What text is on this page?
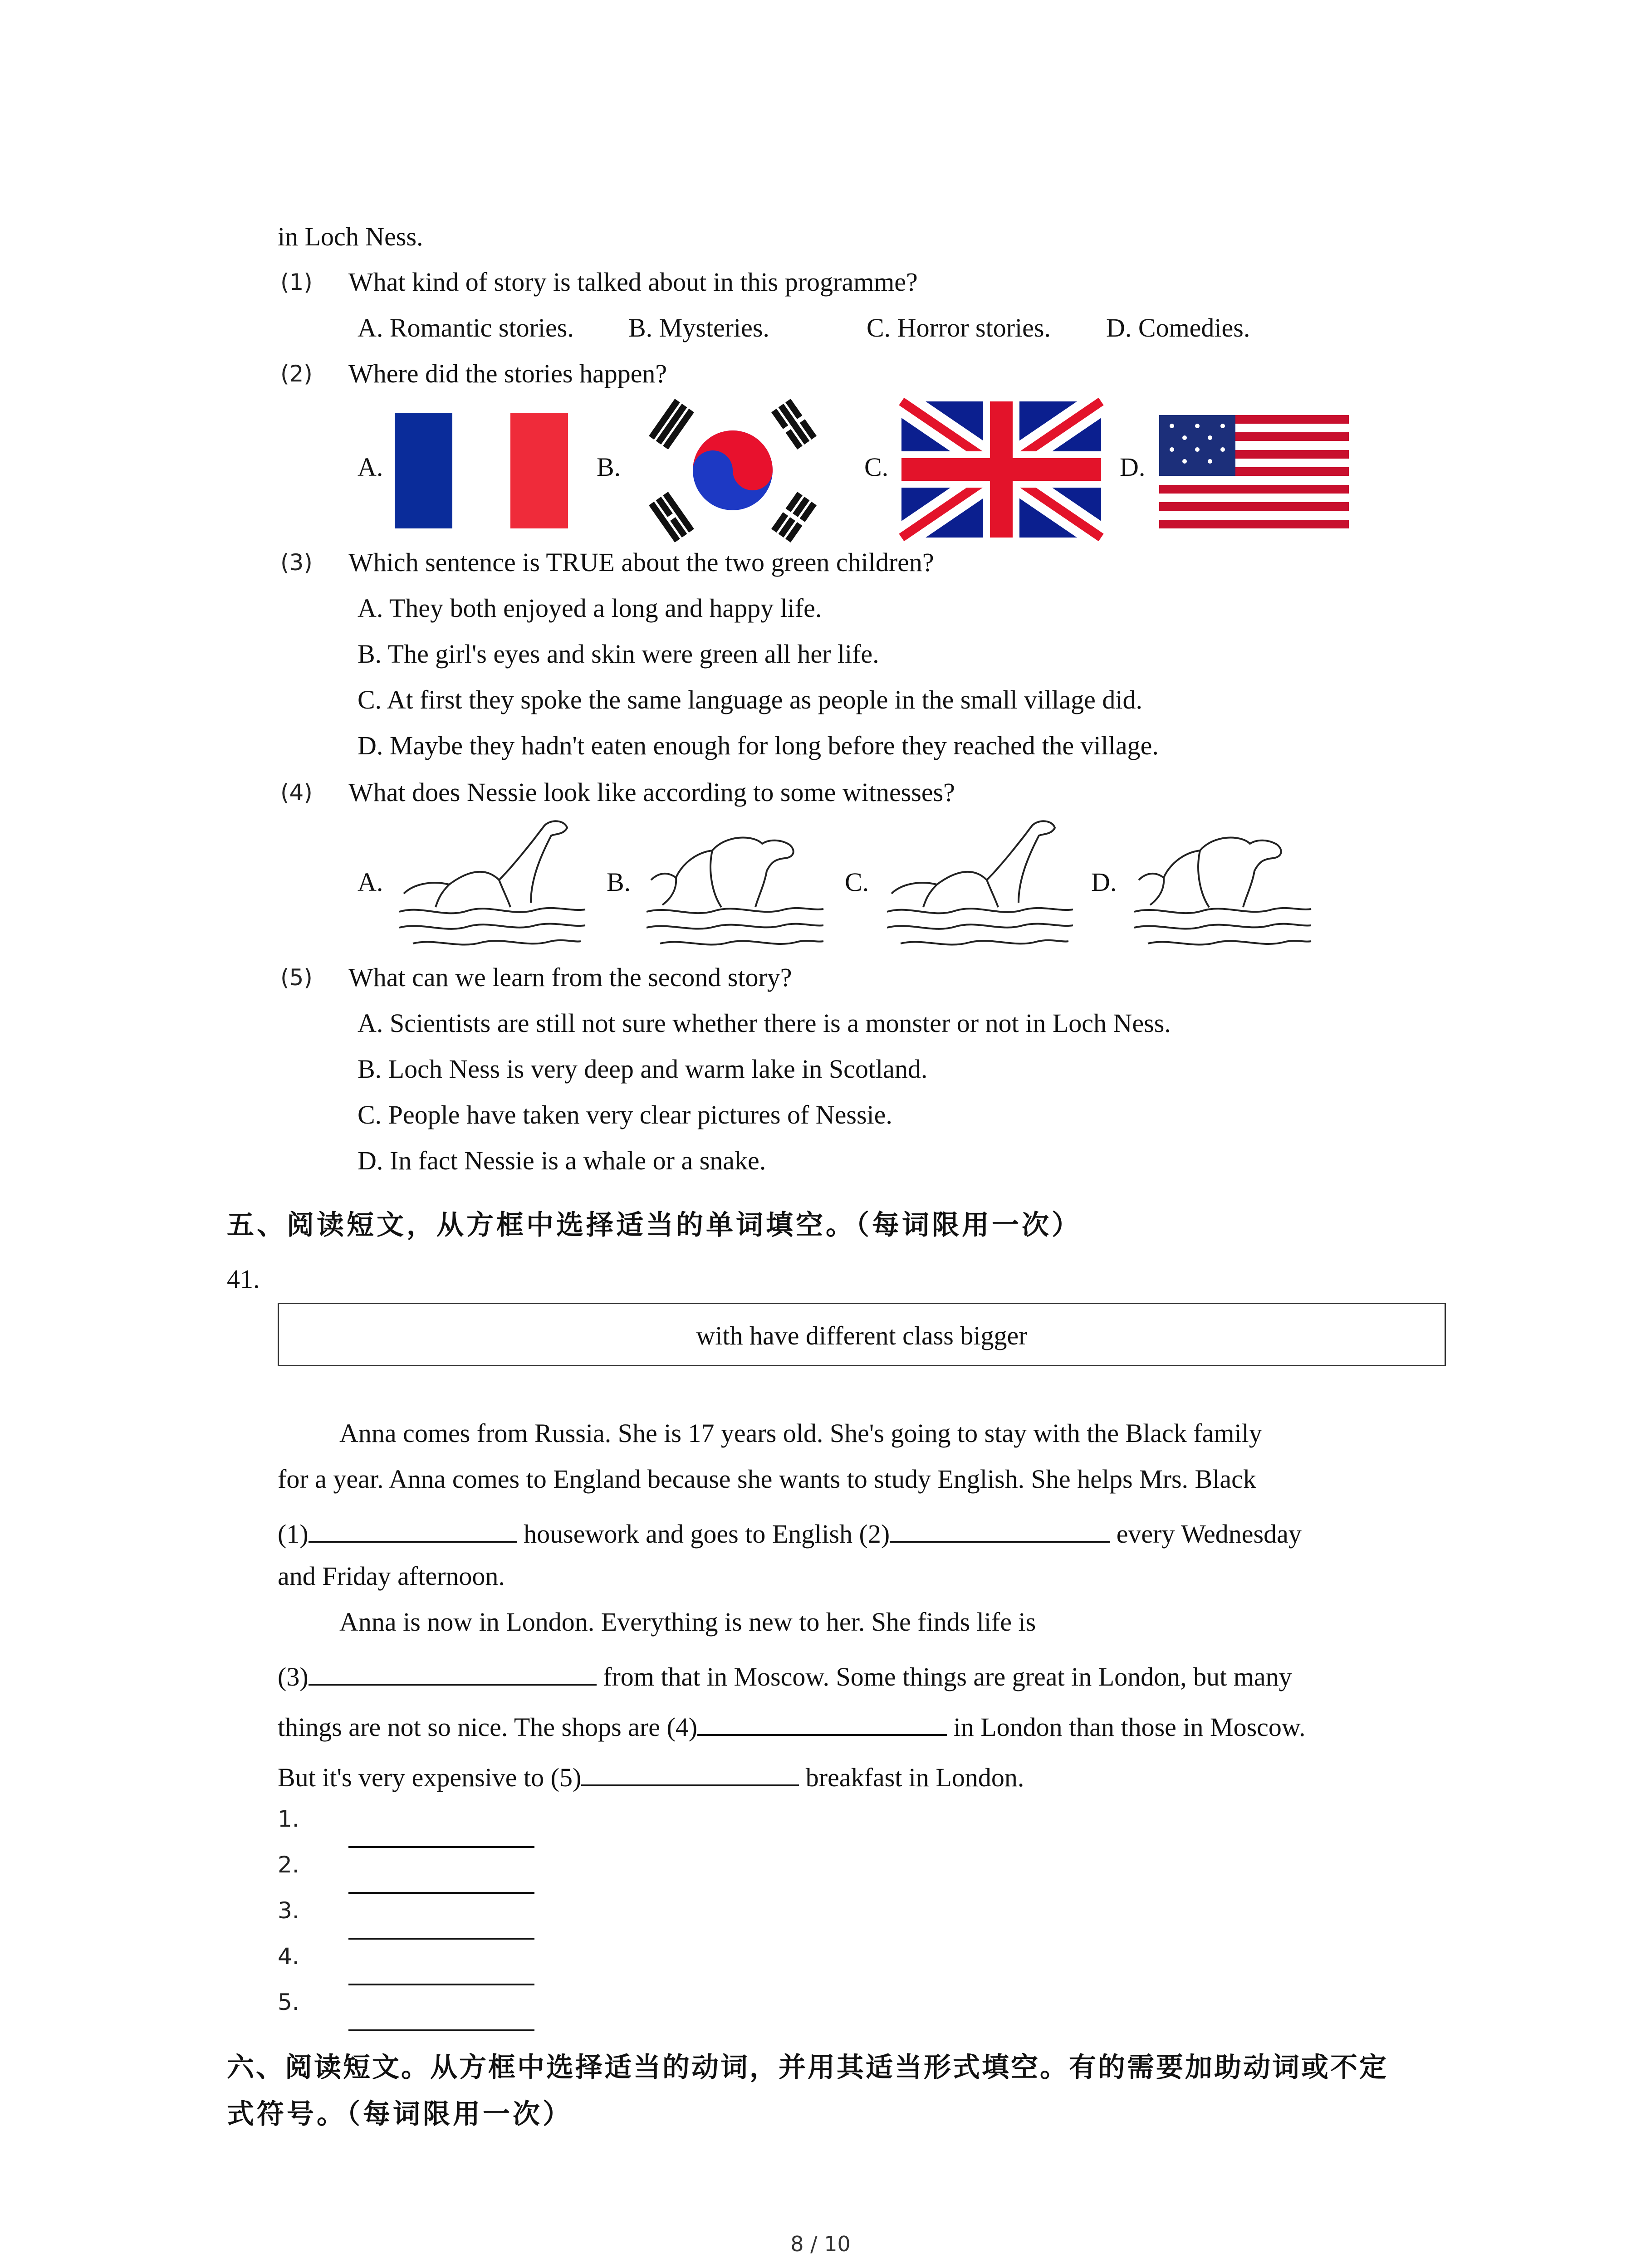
in Loch Ness.
(1) What kind of story is talked about in this programme?
A. Romantic stories. B. Mysteries.	C. Horror stories. D. Comedies.
(2) Where did the stories happen?
A.	B.	C.	D.
(3) Which sentence is TRUE about the two green children?
A. They both enjoyed a long and happy life.
B. The girl's eyes and skin were green all her life.
C. At first they spoke the same language as people in the small village did.
D. Maybe they hadn't eaten enough for long before they reached the village.
(4) What does Nessie look like according to some witnesses?
A.	B.	C.	D.
(5) What can we learn from the second story?
A. Scientists are still not sure whether there is a monster or not in Loch Ness.
B. Loch Ness is very deep and warm lake in Scotland.
C. People have taken very clear pictures of Nessie.
D. In fact Nessie is a whale or a snake.
五、阅读短文，从方框中选择适当的单词填空。（每词限用一次）
41.
with have different class bigger
Anna comes from Russia. She is 17 years old. She's going to stay with the Black family
for a year. Anna comes to England because she wants to study English. She helps Mrs. Black
(1)	housework and goes to English (2)	every Wednesday
and Friday afternoon.
Anna is now in London. Everything is new to her. She finds life is
(3)	from that in Moscow. Some things are great in London, but many
things are not so nice. The shops are (4)	in London than those in Moscow.
But it's very expensive to (5)	breakfast in London.
1.
2.
3.
4.
5.
六、阅读短文。从方框中选择适当的动词，并用其适当形式填空。有的需要加助动词或不定
式符号。（每词限用一次）
8 / 10
